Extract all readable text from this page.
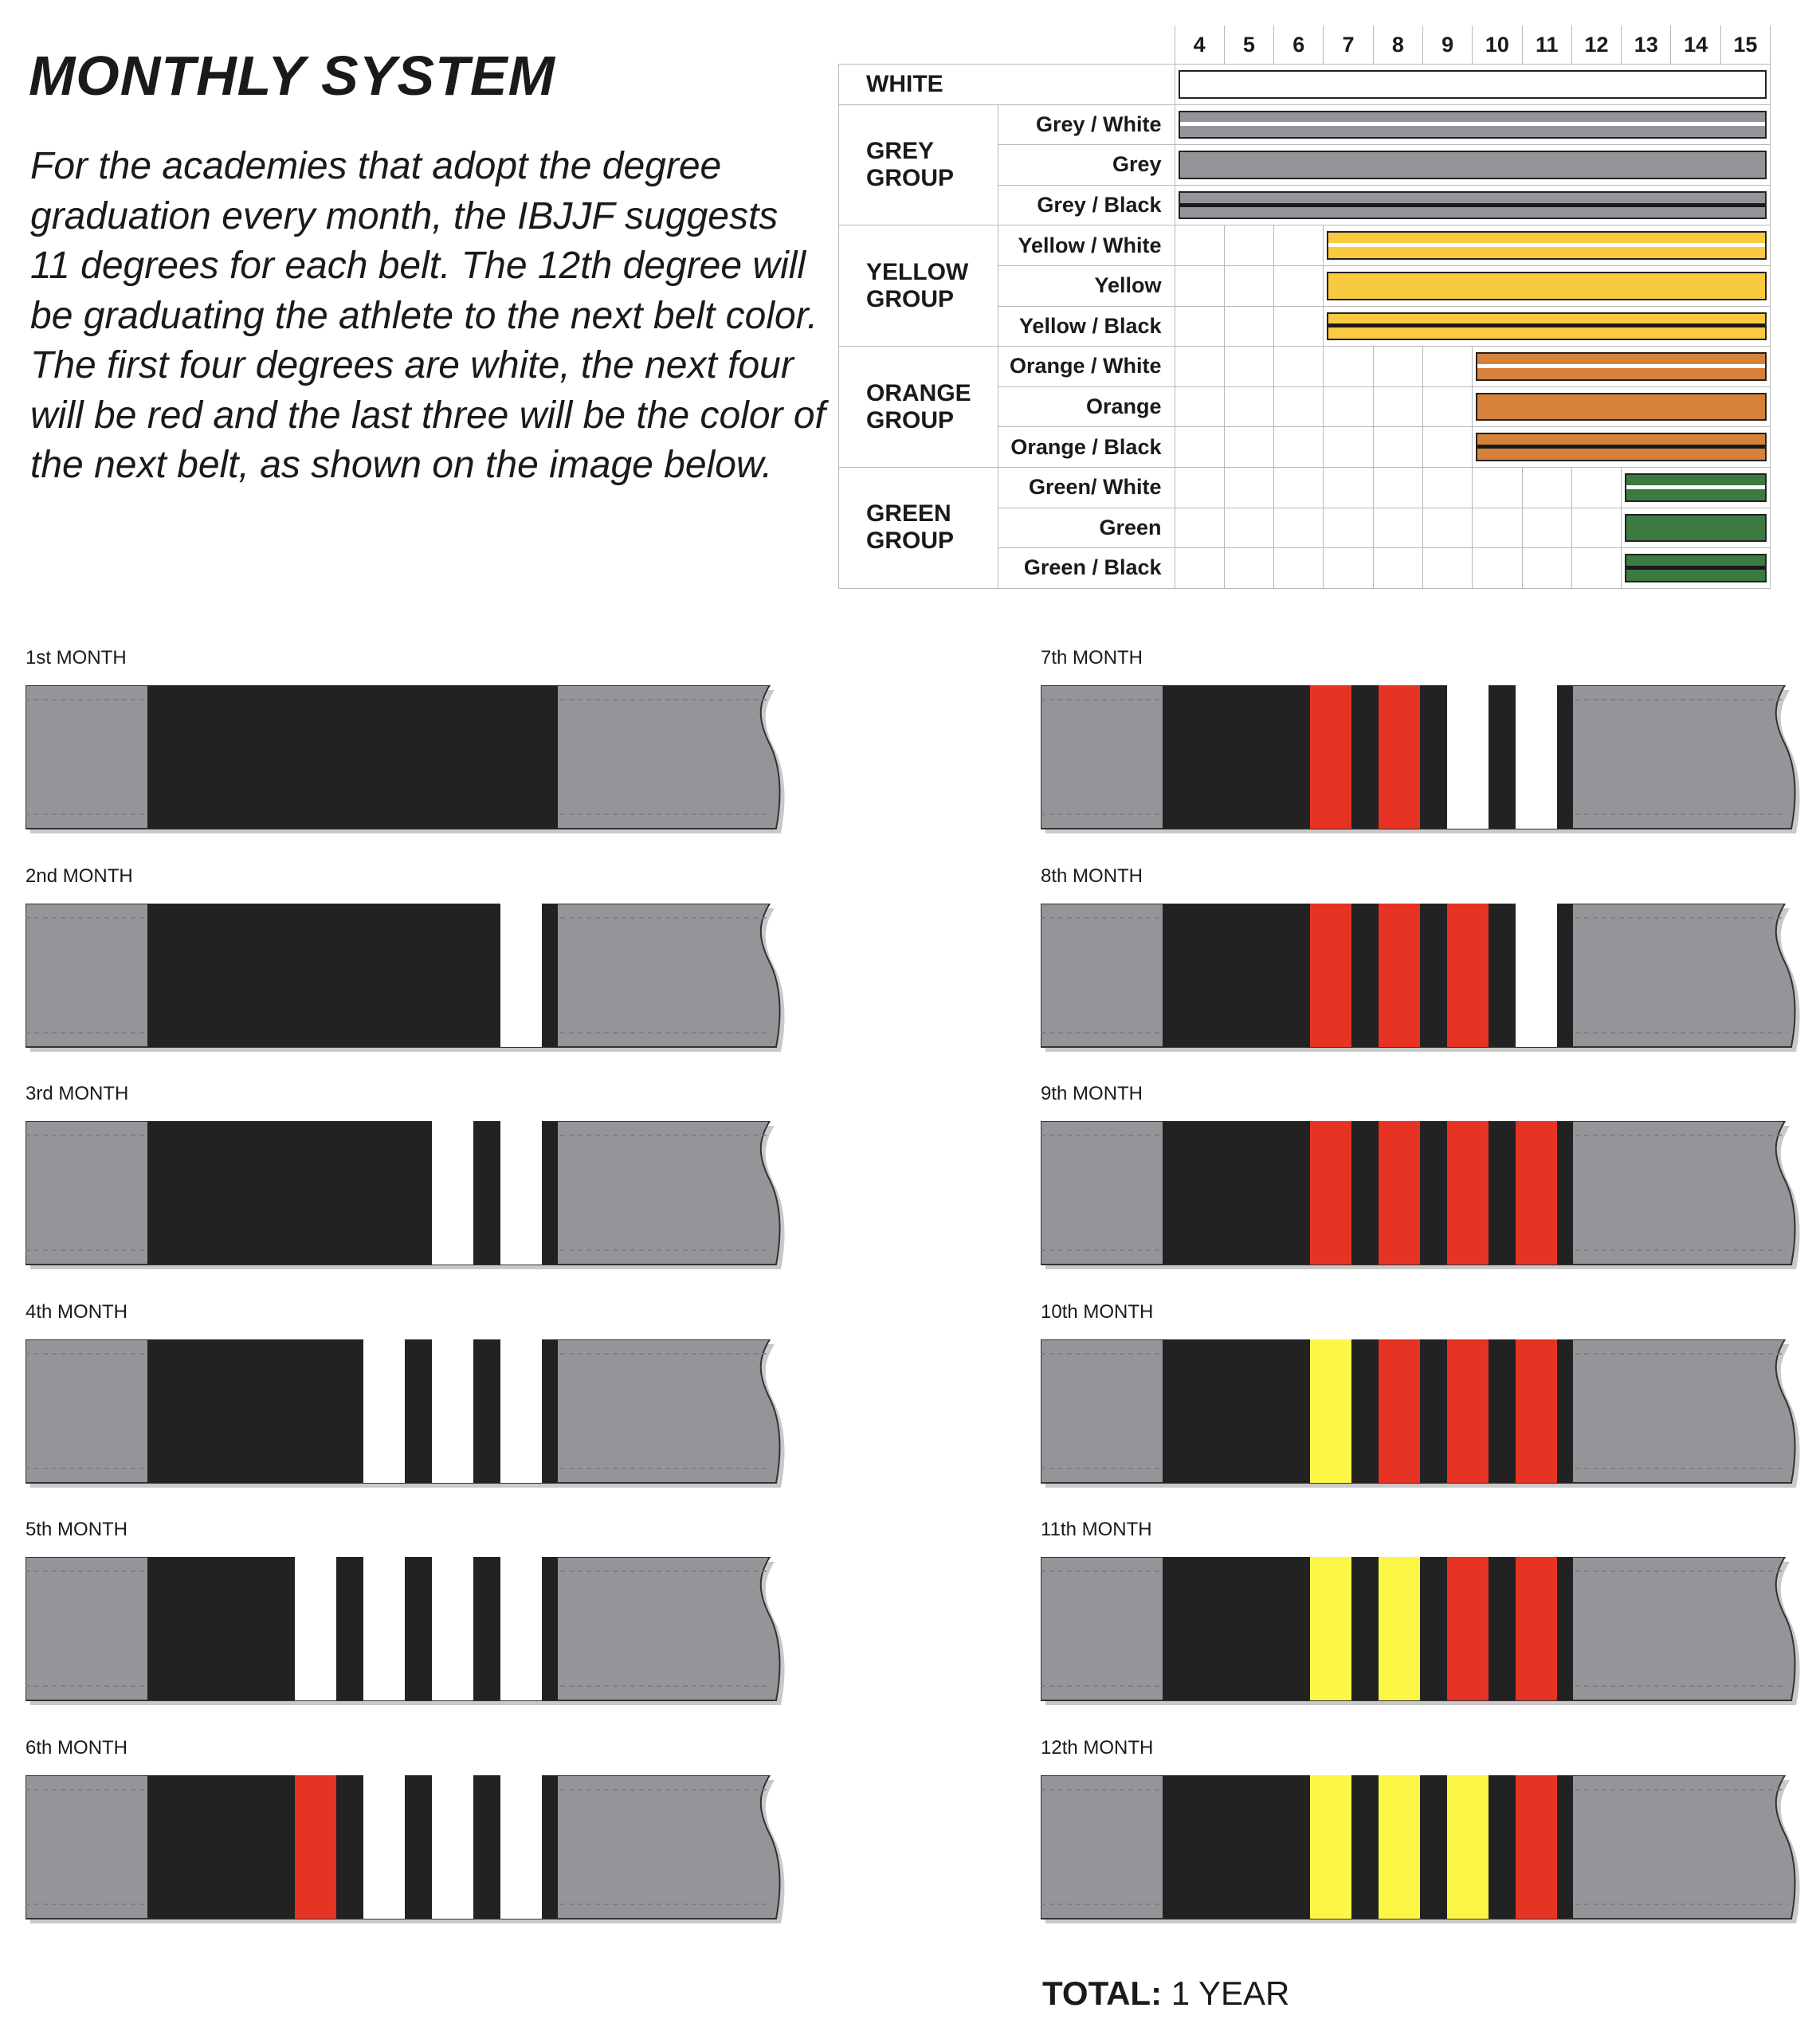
MONTHLY SYSTEM

For the academies that adopt the degree graduation every month, the IBJJF suggests 11 degrees for each belt. The 12th degree will be graduating the athlete to the next belt color. The first four degrees are white, the next four will be red and the last three will be the color of the next belt, as shown on the image below.

		4	5	6	7	8	9	10	11	12	13	14	15
WHITE													

GREY GROUP	Grey / White												

	Grey												

	Grey / Black												

YELLOW GROUP	Yellow / White												

	Yellow												

	Yellow / Black												

ORANGE GROUP	Orange / White												

	Orange												

	Orange / Black												

GREEN GROUP	Green/ White												

	Green												

	Green / Black												

1st MONTH

2nd MONTH

3rd MONTH

4th MONTH

5th MONTH

6th MONTH

7th MONTH

8th MONTH

9th MONTH

10th MONTH

11th MONTH

12th MONTH

TOTAL: 1 YEAR
